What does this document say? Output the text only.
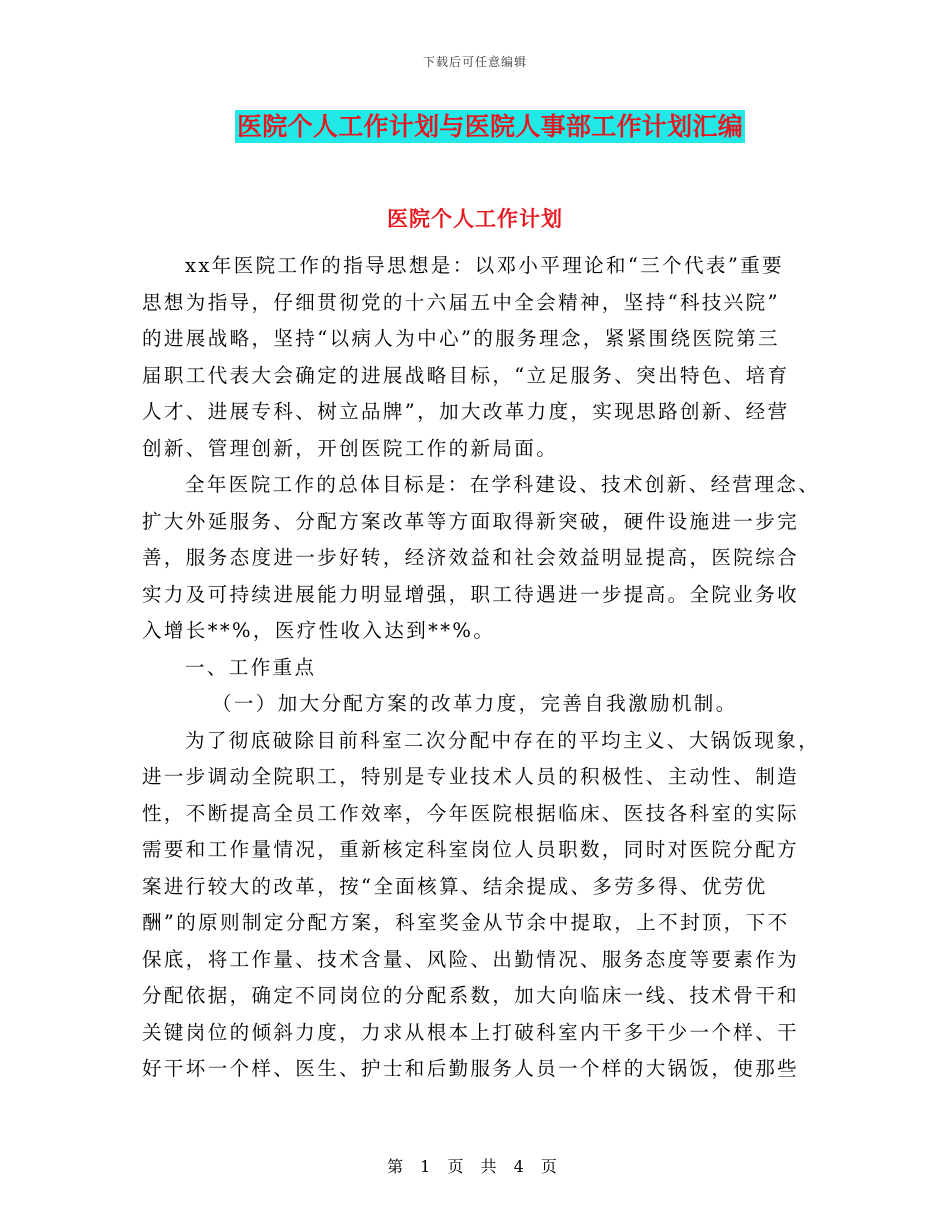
下载后可任意编辑
医院个人工作计划与医院人事部工作计划汇编
医院个人工作计划
xx年医院工作的指导思想是：以邓小平理论和“三个代表”重要
思想为指导，仔细贯彻党的十六届五中全会精神，坚持“科技兴院”
的进展战略，坚持“以病人为中心”的服务理念，紧紧围绕医院第三
届职工代表大会确定的进展战略目标，“立足服务、突出特色、培育
人才、进展专科、树立品牌”，加大改革力度，实现思路创新、经营
创新、管理创新，开创医院工作的新局面。
全年医院工作的总体目标是：在学科建设、技术创新、经营理念、
扩大外延服务、分配方案改革等方面取得新突破，硬件设施进一步完
善，服务态度进一步好转，经济效益和社会效益明显提高，医院综合
实力及可持续进展能力明显增强，职工待遇进一步提高。全院业务收
入增长**%，医疗性收入达到**%。
一、工作重点
（一）加大分配方案的改革力度，完善自我激励机制。
为了彻底破除目前科室二次分配中存在的平均主义、大锅饭现象，
进一步调动全院职工，特别是专业技术人员的积极性、主动性、制造
性，不断提高全员工作效率，今年医院根据临床、医技各科室的实际
需要和工作量情况，重新核定科室岗位人员职数，同时对医院分配方
案进行较大的改革，按“全面核算、结余提成、多劳多得、优劳优
酬”的原则制定分配方案，科室奖金从节余中提取，上不封顶，下不
保底，将工作量、技术含量、风险、出勤情况、服务态度等要素作为
分配依据，确定不同岗位的分配系数，加大向临床一线、技术骨干和
关键岗位的倾斜力度，力求从根本上打破科室内干多干少一个样、干
好干坏一个样、医生、护士和后勤服务人员一个样的大锅饭，使那些
第 1 页 共 4 页
